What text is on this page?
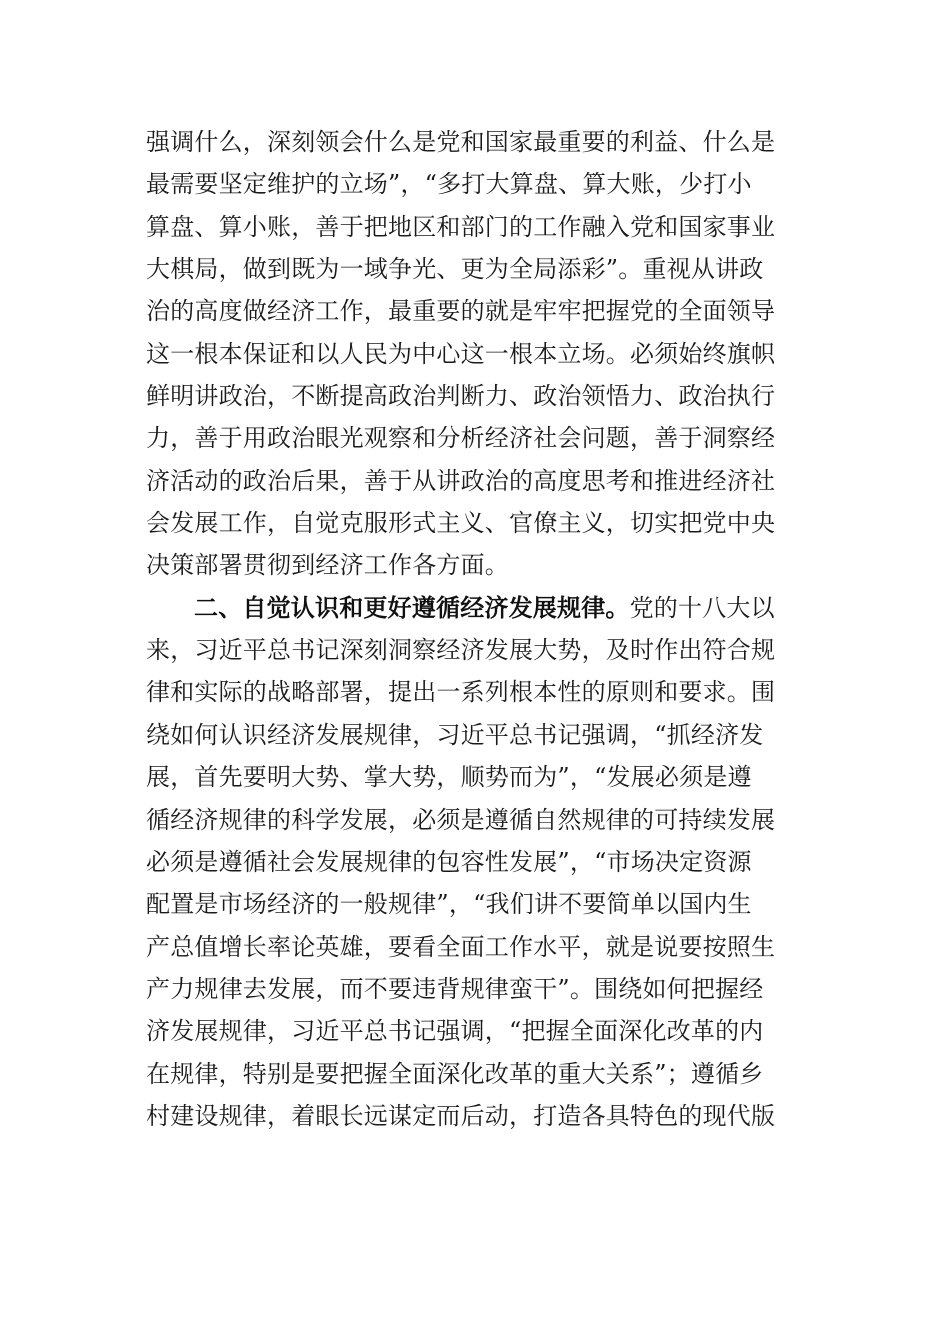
强调什么，深刻领会什么是党和国家最重要的利益、什么是
最需要坚定维护的立场”，“多打大算盘、算大账，少打小
算盘、算小账，善于把地区和部门的工作融入党和国家事业
大棋局，做到既为一域争光、更为全局添彩”。重视从讲政
治的高度做经济工作，最重要的就是牢牢把握党的全面领导
这一根本保证和以人民为中心这一根本立场。必须始终旗帜
鲜明讲政治，不断提高政治判断力、政治领悟力、政治执行
力，善于用政治眼光观察和分析经济社会问题，善于洞察经
济活动的政治后果，善于从讲政治的高度思考和推进经济社
会发展工作，自觉克服形式主义、官僚主义，切实把党中央
决策部署贯彻到经济工作各方面。
二、自觉认识和更好遵循经济发展规律。党的十八大以
来，习近平总书记深刻洞察经济发展大势，及时作出符合规
律和实际的战略部署，提出一系列根本性的原则和要求。围
绕如何认识经济发展规律，习近平总书记强调，“抓经济发
展，首先要明大势、掌大势，顺势而为”，“发展必须是遵
循经济规律的科学发展，必须是遵循自然规律的可持续发展
必须是遵循社会发展规律的包容性发展”，“市场决定资源
配置是市场经济的一般规律”，“我们讲不要简单以国内生
产总值增长率论英雄，要看全面工作水平，就是说要按照生
产力规律去发展，而不要违背规律蛮干”。围绕如何把握经
济发展规律，习近平总书记强调，“把握全面深化改革的内
在规律，特别是要把握全面深化改革的重大关系”；遵循乡
村建设规律，着眼长远谋定而后动，打造各具特色的现代版
